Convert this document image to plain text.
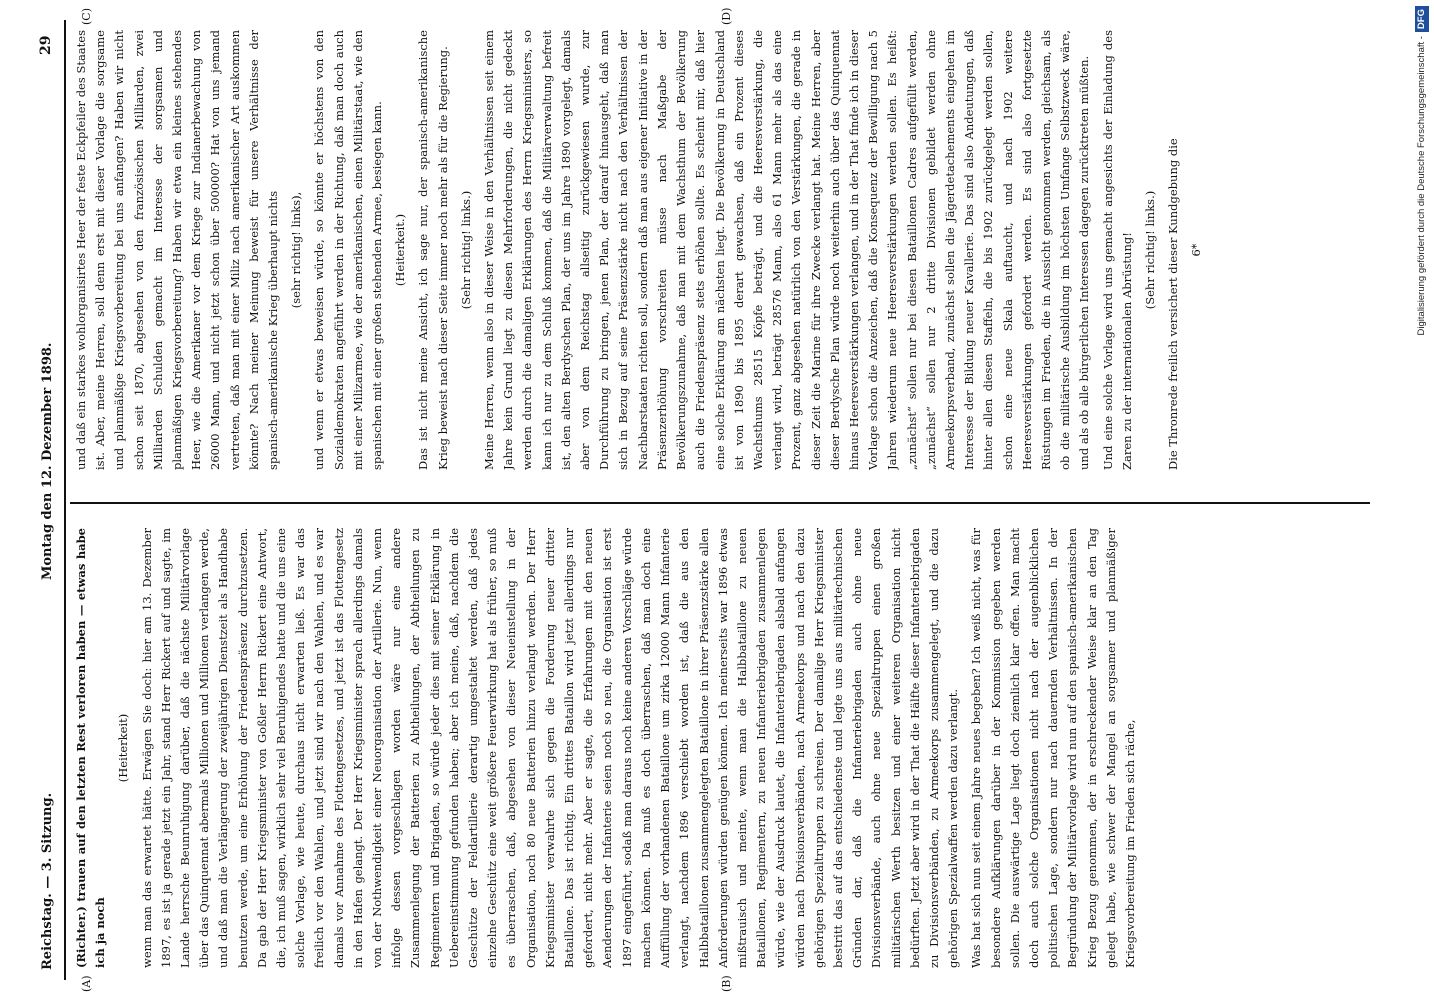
Reichstag. — 3. Sitzung.
Montag den 12. Dezember 1898.
29
(A)	(B)
(C)	(D)

(Richter.) trauen auf den letzten Rest verloren haben — etwas habe ich ja noch

(Heiterkeit) wenn man das erwartet hätte. Erwägen Sie doch: hier am 13. Dezember 1897, es ist ja gerade jetzt ein Jahr, stand Herr Rickert auf und sagte, im Lande herrsche Beunruhigung darüber, daß die nächste Militärvorlage über das Quinquennat abermals Millionen und Millionen verlangen werde, und daß man die Verlängerung der zweijährigen Dienstzeit als Handhabe benutzen werde, um eine Erhöhung der Friedenspräsenz durchzusetzen. Da gab der Herr Kriegsminister von Goßler Herrn Rickert eine Antwort, die, ich muß sagen, wirklich sehr viel Beruhigendes hatte und die uns eine solche Vorlage, wie heute, durchaus nicht erwarten ließ. Es war das freilich vor den Wahlen, und jetzt sind wir nach den Wahlen, und es war damals vor Annahme des Flottengesetzes, und jetzt ist das Flottengesetz in den Hafen gelangt. Der Herr Kriegsminister sprach allerdings damals von der Nothwendigkeit einer Neuorganisation der Artillerie. Nun, wenn infolge dessen vorgeschlagen worden wäre nur eine andere Zusammenlegung der Batterien zu Abtheilungen, der Abtheilungen zu Regimentern und Brigaden, so würde jeder dies mit seiner Erklärung in Uebereinstimmung gefunden haben; aber ich meine, daß, nachdem die Geschütze der Feldartillerie derartig umgestaltet werden, daß jedes einzelne Geschütz eine weit größere Feuerwirkung hat als früher, so muß es überraschen, daß, abgesehen von dieser Neueinstellung in der Organisation, noch 80 neue Batterien hinzu verlangt werden. Der Herr Kriegsminister verwahrte sich gegen die Forderung neuer dritter Bataillone. Das ist richtig. Ein drittes Bataillon wird jetzt allerdings nur gefordert, nicht mehr. Aber er sagte, die Erfahrungen mit den neuen Aenderungen der Infanterie seien noch so neu, die Organisation ist erst 1897 eingeführt, sodaß man daraus noch keine anderen Vorschläge würde machen können. Da muß es doch überraschen, daß man doch eine Auffüllung der vorhandenen Bataillone um zirka 12000 Mann Infanterie verlangt, nachdem 1896 verschiebt worden ist, daß die aus den Halbbataillonen zusammengelegten Bataillone in ihrer Präsenzstärke allen Anforderungen würden genügen können. Ich meinerseits war 1896 etwas mißtrauisch und meinte, wenn man die Halbbataillone zu neuen Bataillonen, Regimentern, zu neuen Infanteriebrigaden zusammenlegen würde, wie der Ausdruck lautet, die Infanteriebrigaden alsbald anfangen würden nach Divisionsverbänden, nach Armeekorps und nach den dazu gehörigen Spezialtruppen zu schreien. Der damalige Herr Kriegsminister bestritt das auf das entschiedenste und legte uns aus militärtechnischen Gründen dar, daß die Infanteriebrigaden auch ohne neue Divisionsverbände, auch ohne neue Spezialtruppen einen großen militärischen Werth besitzen und einer weiteren Organisation nicht bedürften. Jetzt aber wird in der That die Hälfte dieser Infanteriebrigaden zu Divisionsverbänden, zu Armeekorps zusammengelegt, und die dazu gehörigen Spezialwaffen werden dazu verlangt. Was hat sich nun seit einem Jahre neues begeben? Ich weiß nicht, was für besondere Aufklärungen darüber in der Kommission gegeben werden sollen. Die auswärtige Lage liegt doch ziemlich klar offen. Man macht doch auch solche Organisationen nicht nach der augenblicklichen politischen Lage, sondern nur nach dauernden Verhältnissen. In der Begründung der Militärvorlage wird nun auf den spanisch-amerikanischen Krieg Bezug genommen, der in erschreckender Weise klar an den Tag gelegt habe, wie schwer der Mangel an sorgsamer und planmäßiger Kriegsvorbereitung im Frieden sich räche,

und daß ein starkes wohlorganisirtes Heer der feste Eckpfeiler des Staates ist. Aber, meine Herren, soll denn erst mit dieser Vorlage die sorgsame und planmäßige Kriegsvorbereitung bei uns anfangen? Haben wir nicht schon seit 1870, abgesehen von den französischen Milliarden, zwei Milliarden Schulden gemacht im Interesse der sorgsamen und planmäßigen Kriegsvorbereitung? Haben wir etwa ein kleines stehendes Heer, wie die Amerikaner vor dem Kriege zur Indianerbewachung von 26000 Mann, und nicht jetzt schon über 500000? Hat von uns jemand vertreten, daß man mit einer Miliz nach amerikanischer Art auskommen könnte? Nach meiner Meinung beweist für unsere Verhältnisse der spanisch-amerikanische Krieg überhaupt nichts (sehr richtig! links), und wenn er etwas beweisen würde, so könnte er höchstens von den Sozialdemokraten angeführt werden in der Richtung, daß man doch auch mit einer Milizarmee, wie der amerikanischen, einen Militärstaat, wie den spanischen mit einer großen stehenden Armee, besiegen kann. (Heiterkeit.) Das ist nicht meine Ansicht, ich sage nur, der spanisch-amerikanische Krieg beweist nach dieser Seite immer noch mehr als für die Regierung. (Sehr richtig! links.) Meine Herren, wenn also in dieser Weise in den Verhältnissen seit einem Jahre kein Grund liegt zu diesen Mehrforderungen, die nicht gedeckt werden durch die damaligen Erklärungen des Herrn Kriegsministers, so kann ich nur zu dem Schluß kommen, daß die Militärverwaltung befreit ist, den alten Berdyschen Plan, der uns im Jahre 1890 vorgelegt, damals aber von dem Reichstag allseitig zurückgewiesen wurde, zur Durchführung zu bringen, jenen Plan, der darauf hinausgeht, daß man sich in Bezug auf seine Präsenzstärke nicht nach den Verhältnissen der Nachbarstaaten richten soll, sondern daß man aus eigener Initiative in der Präsenzerhöhung vorschreiten müsse nach Maßgabe der Bevölkerungszunahme, daß man mit dem Wachsthum der Bevölkerung auch die Friedenspräsenz stets erhöhen sollte. Es scheint mir, daß hier eine solche Erklärung am nächsten liegt. Die Bevölkerung in Deutschland ist von 1890 bis 1895 derart gewachsen, daß ein Prozent dieses Wachsthums 28515 Köpfe beträgt, und die Heeresverstärkung, die verlangt wird, beträgt 28576 Mann, also 61 Mann mehr als das eine Prozent, ganz abgesehen natürlich von den Verstärkungen, die gerade in dieser Zeit die Marine für ihre Zwecke verlangt hat. Meine Herren, aber dieser Berdysche Plan würde noch weiterhin auch über das Quinquennat hinaus Heeresverstärkungen verlangen, und in der That finde ich in dieser Vorlage schon die Anzeichen, daß die Konsequenz der Bewilligung nach 5 Jahren wiederum neue Heeresverstärkungen werden sollen. Es heißt: „zunächst“ sollen nur bei diesen Bataillonen Cadres aufgefüllt werden, „zunächst“ sollen nur 2 dritte Divisionen gebildet werden ohne Armeekorpsverband, zunächst sollen die Jägerdetachements eingehen im Interesse der Bildung neuer Kavallerie. Das sind also Andeutungen, daß hinter allen diesen Staffeln, die bis 1902 zurückgelegt werden sollen, schon eine neue Skala auftaucht, und nach 1902 weitere Heeresverstärkungen gefordert werden. Es sind also fortgesetzte Rüstungen im Frieden, die in Aussicht genommen werden, gleichsam, als ob die militärische Ausbildung im höchsten Umfange Selbstzweck wäre, und als ob alle bürgerlichen Interessen dagegen zurücktreten müßten. Und eine solche Vorlage wird uns gemacht angesichts der Einladung des Zaren zu der internationalen Abrüstung! (Sehr richtig! links.) Die Thronrede freilich versichert dieser Kundgebung die 6*	Digitalisierung gefördert durch die Deutsche Forschungsgemeinschaft -DFG
